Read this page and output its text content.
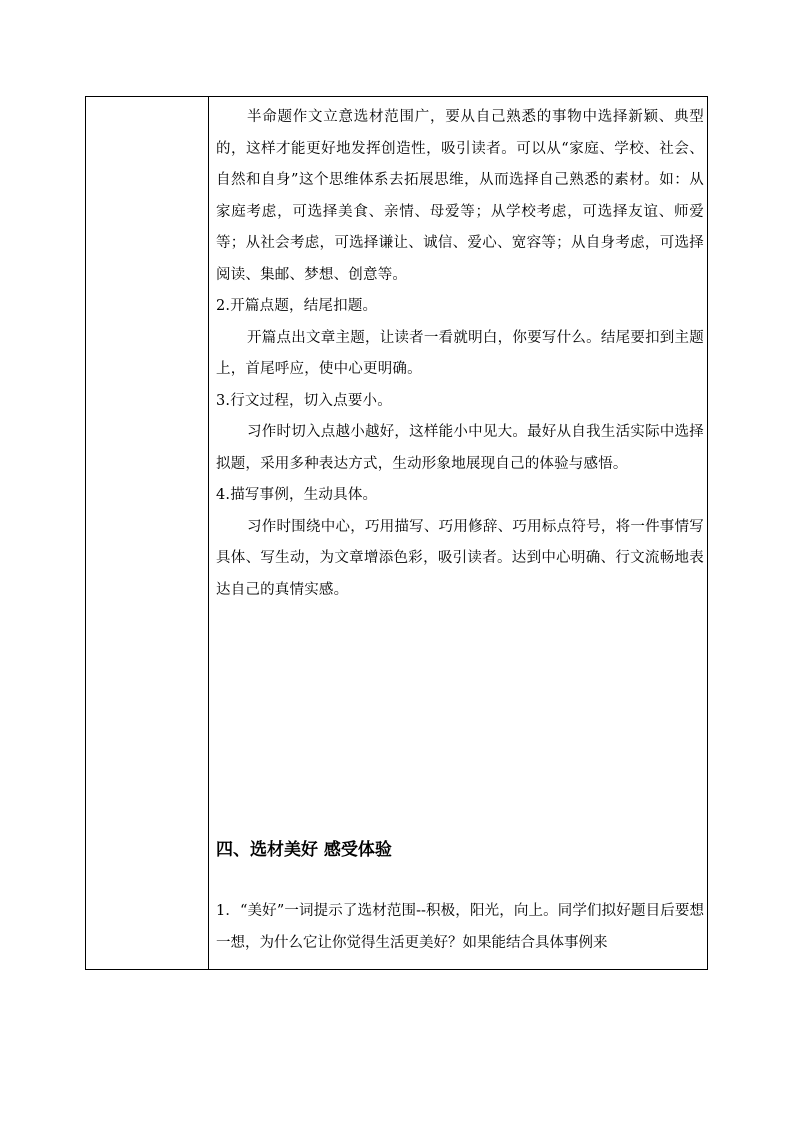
半命题作文立意选材范围广，要从自己熟悉的事物中选择新颖、典型的，这样才能更好地发挥创造性，吸引读者。可以从“家庭、学校、社会、自然和自身”这个思维体系去拓展思维，从而选择自己熟悉的素材。如：从家庭考虑，可选择美食、亲情、母爱等；从学校考虑，可选择友谊、师爱等；从社会考虑，可选择谦让、诚信、爱心、宽容等；从自身考虑，可选择阅读、集邮、梦想、创意等。

2.开篇点题，结尾扣题。

开篇点出文章主题，让读者一看就明白，你要写什么。结尾要扣到主题上，首尾呼应，使中心更明确。

3.行文过程，切入点要小。

习作时切入点越小越好，这样能小中见大。最好从自我生活实际中选择拟题，采用多种表达方式，生动形象地展现自己的体验与感悟。

4.描写事例，生动具体。

习作时围绕中心，巧用描写、巧用修辞、巧用标点符号，将一件事情写具体、写生动，为文章增添色彩，吸引读者。达到中心明确、行文流畅地表达自己的真情实感。

四、选材美好 感受体验
1．“美好”一词提示了选材范围--积极，阳光，向上。同学们拟好题目后要想一想，为什么它让你觉得生活更美好？如果能结合具体事例来
